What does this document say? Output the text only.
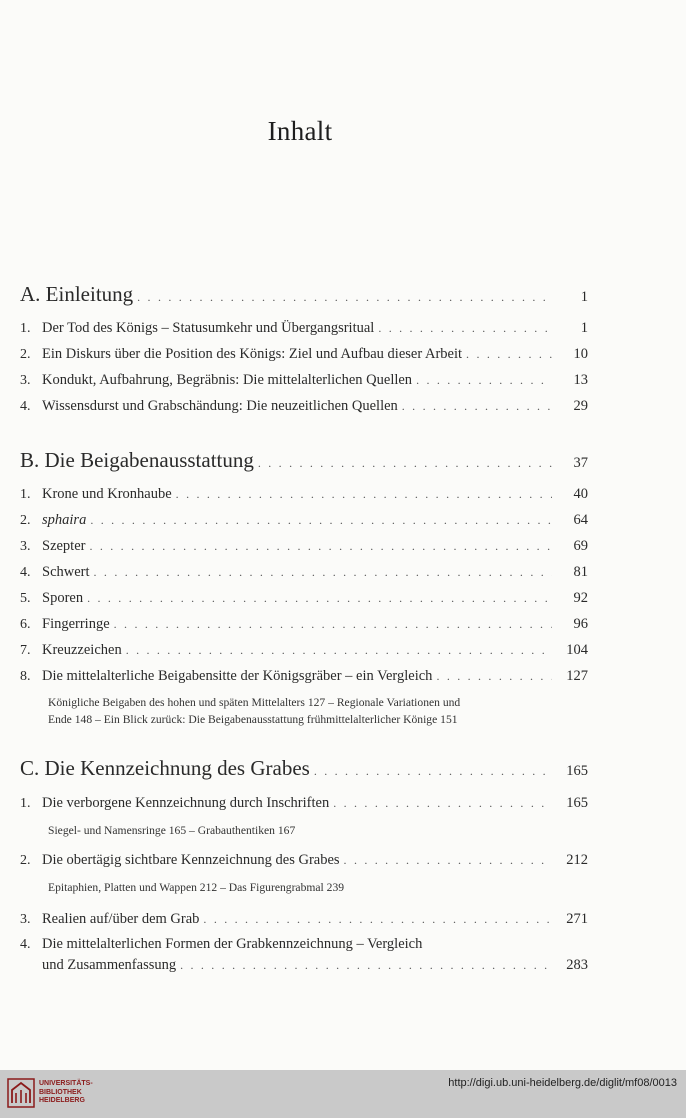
Inhalt
A. Einleitung . . .	1
1. Der Tod des Königs – Statusumkehr und Übergangsritual . . .	1
2. Ein Diskurs über die Position des Königs: Ziel und Aufbau dieser Arbeit . . .	10
3. Kondukt, Aufbahrung, Begräbnis: Die mittelalterlichen Quellen . . .	13
4. Wissensdurst und Grabschändung: Die neuzeitlichen Quellen . . .	29
B. Die Beigabenausstattung . . .	37
1. Krone und Kronhaube . . .	40
2. sphaira . . .	64
3. Szepter . . .	69
4. Schwert . . .	81
5. Sporen . . .	92
6. Fingerringe . . .	96
7. Kreuzzeichen . . .	104
8. Die mittelalterliche Beigabensitte der Königsgräber – ein Vergleich . . .	127
Königliche Beigaben des hohen und späten Mittelalters 127 – Regionale Variationen und
Ende 148 – Ein Blick zurück: Die Beigabenausstattung frühmittelalterlicher Könige 151
C. Die Kennzeichnung des Grabes . . .	165
1. Die verborgene Kennzeichnung durch Inschriften . . .	165
Siegel- und Namensringe 165 – Grabauthentiken 167
2. Die obertägig sichtbare Kennzeichnung des Grabes . . .	212
Epitaphien, Platten und Wappen 212 – Das Figurengrabmal 239
3. Realien auf/über dem Grab . . .	271
4. Die mittelalterlichen Formen der Grabkennzeichnung – Vergleich
und Zusammenfassung . . .	283
UNIVERSITÄTS-
BIBLIOTHEK
HEIDELBERG
http://digi.ub.uni-heidelberg.de/diglit/mf08/0013
